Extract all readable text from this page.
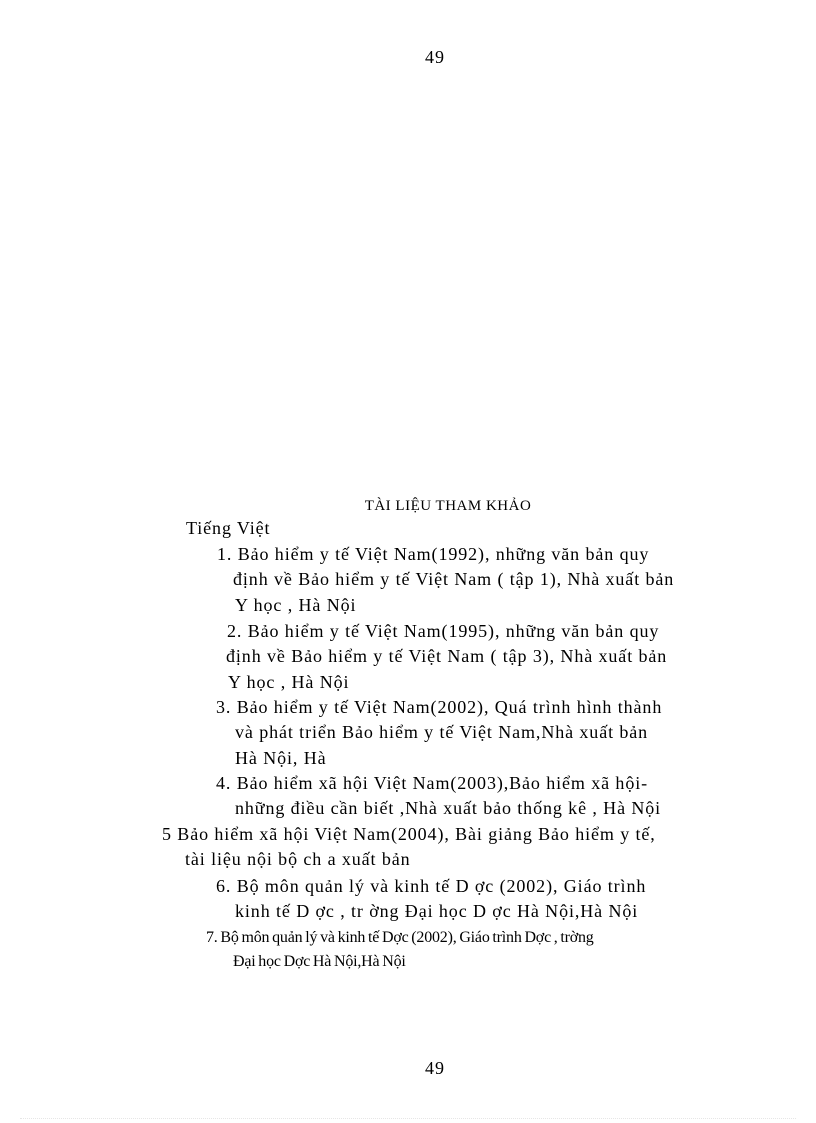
49
TÀI LIỆU THAM KHẢO

Tiếng Việt

1. Bảo hiểm y tế Việt Nam(1992), những văn bản quy

định về Bảo hiểm y tế Việt Nam ( tập 1), Nhà xuất bản

Y học , Hà Nội

2. Bảo hiểm y tế Việt Nam(1995), những văn bản quy

định về Bảo hiểm y tế Việt Nam ( tập 3), Nhà xuất bản

Y học , Hà Nội

3. Bảo hiểm y tế Việt Nam(2002), Quá trình hình thành

và phát triển Bảo hiểm y tế Việt Nam,Nhà xuất bản

Hà Nội, Hà

4. Bảo hiểm xã hội Việt Nam(2003),Bảo hiểm xã hội-

những điều cần biết ,Nhà xuất bảo thống kê , Hà Nội

5 Bảo hiểm xã hội Việt Nam(2004), Bài giảng Bảo hiểm y tế,

tài liệu nội bộ ch a xuất bản

6. Bộ môn quản lý và kinh tế D ợc (2002), Giáo trình

kinh tế D ợc , tr ờng Đại học D ợc Hà Nội,Hà Nội

7. Bộ môn quản lý và kinh tế Dợc (2002), Giáo trình Dợc , trờng

Đại học Dợc Hà Nội,Hà Nội

49
